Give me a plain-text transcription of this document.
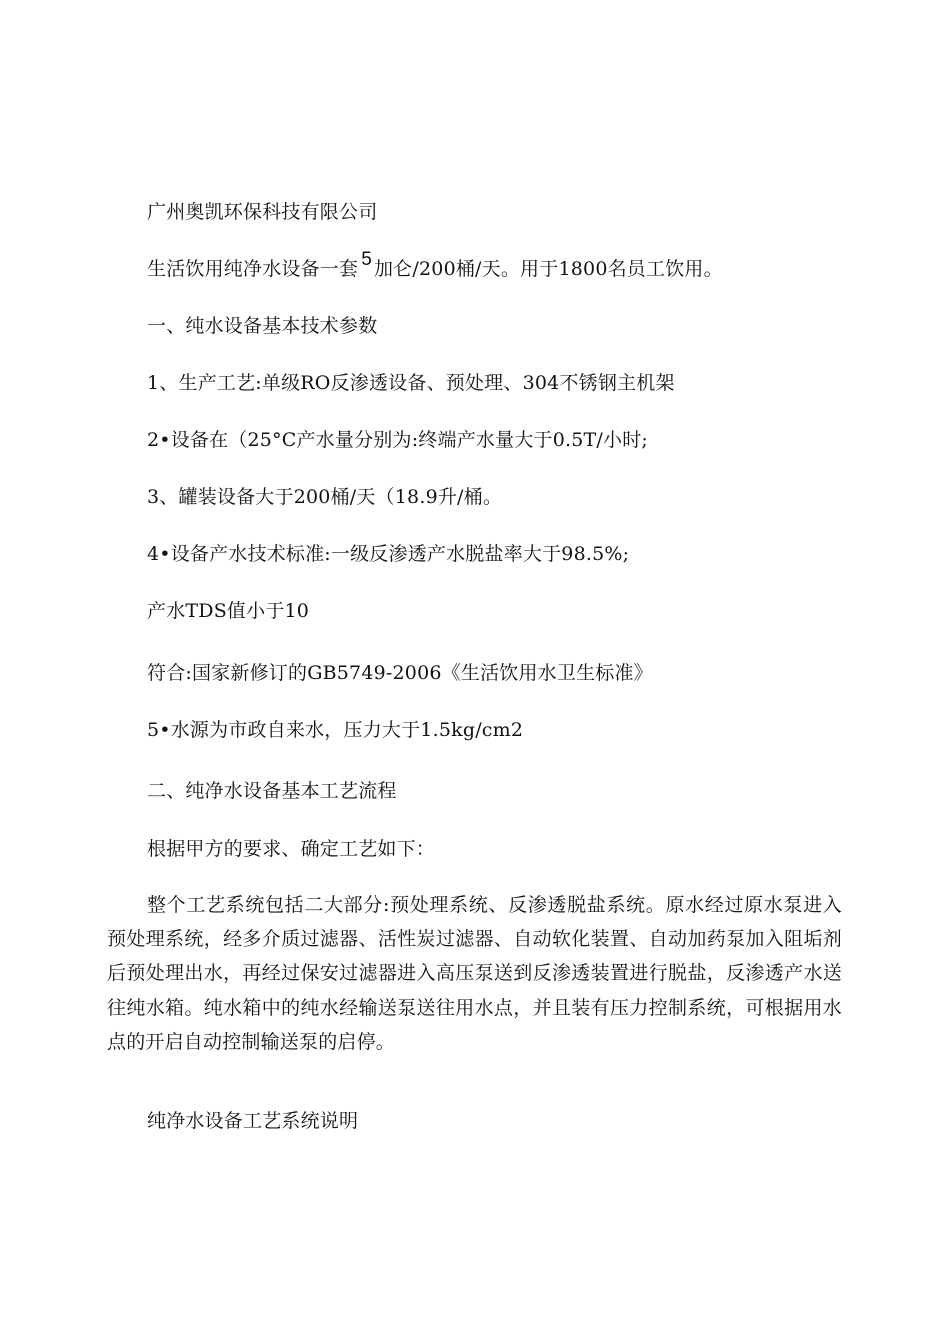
广州奥凯环保科技有限公司
生活饮用纯净水设备一套 5 加仑/200桶/天。用于1800名员工饮用。
一、纯水设备基本技术参数
1、生产工艺:单级RO反渗透设备、预处理、304不锈钢主机架
2•设备在（25°C产水量分别为:终端产水量大于0.5T/小时;
3、罐装设备大于200桶/天（18.9升/桶。
4•设备产水技术标准:一级反渗透产水脱盐率大于98.5%;
产水TDS值小于10
符合:国家新修订的GB5749-2006《生活饮用水卫生标准》
5•水源为市政自来水，压力大于1.5kg/cm2
二、纯净水设备基本工艺流程
根据甲方的要求、确定工艺如下：
整个工艺系统包括二大部分:预处理系统、反渗透脱盐系统。原水经过原水泵进入预处理系统，经多介质过滤器、活性炭过滤器、自动软化装置、自动加药泵加入阻垢剂后预处理出水，再经过保安过滤器进入高压泵送到反渗透装置进行脱盐，反渗透产水送往纯水箱。纯水箱中的纯水经输送泵送往用水点，并且装有压力控制系统，可根据用水点的开启自动控制输送泵的启停。
纯净水设备工艺系统说明
